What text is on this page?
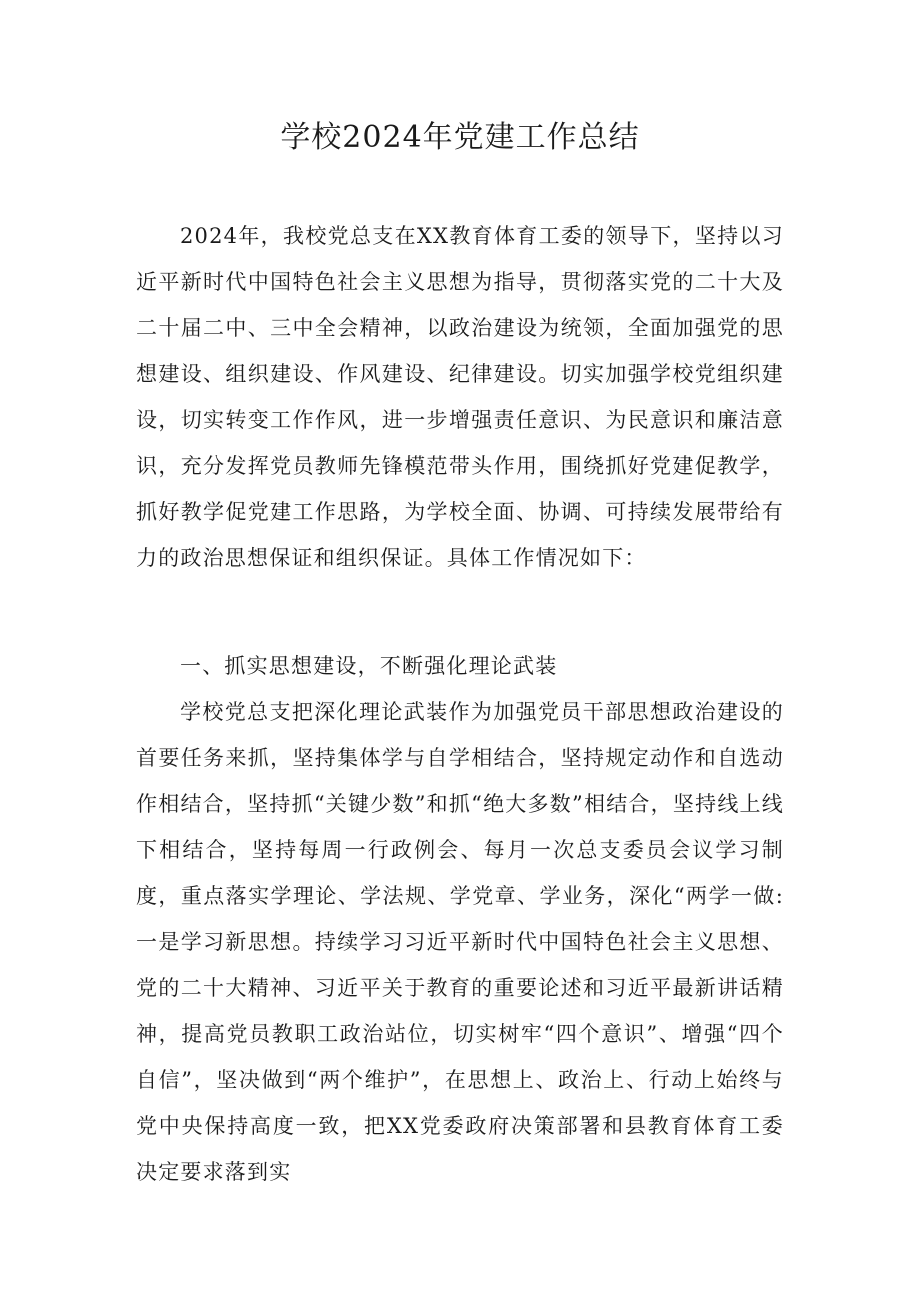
学校2024年党建工作总结

2024年，我校党总支在XX教育体育工委的领导下，坚持以习近平新时代中国特色社会主义思想为指导，贯彻落实党的二十大及二十届二中、三中全会精神，以政治建设为统领，全面加强党的思想建设、组织建设、作风建设、纪律建设。切实加强学校党组织建设，切实转变工作作风，进一步增强责任意识、为民意识和廉洁意识，充分发挥党员教师先锋模范带头作用，围绕抓好党建促教学，抓好教学促党建工作思路，为学校全面、协调、可持续发展带给有力的政治思想保证和组织保证。具体工作情况如下：

一、抓实思想建设，不断强化理论武装

学校党总支把深化理论武装作为加强党员干部思想政治建设的首要任务来抓，坚持集体学与自学相结合，坚持规定动作和自选动作相结合，坚持抓“关键少数”和抓“绝大多数”相结合，坚持线上线下相结合，坚持每周一行政例会、每月一次总支委员会议学习制度，重点落实学理论、学法规、学党章、学业务，深化“两学一做:一是学习新思想。持续学习习近平新时代中国特色社会主义思想、党的二十大精神、习近平关于教育的重要论述和习近平最新讲话精神，提高党员教职工政治站位，切实树牢“四个意识”、增强“四个自信”，坚决做到“两个维护”，在思想上、政治上、行动上始终与党中央保持高度一致，把XX党委政府决策部署和县教育体育工委决定要求落到实
